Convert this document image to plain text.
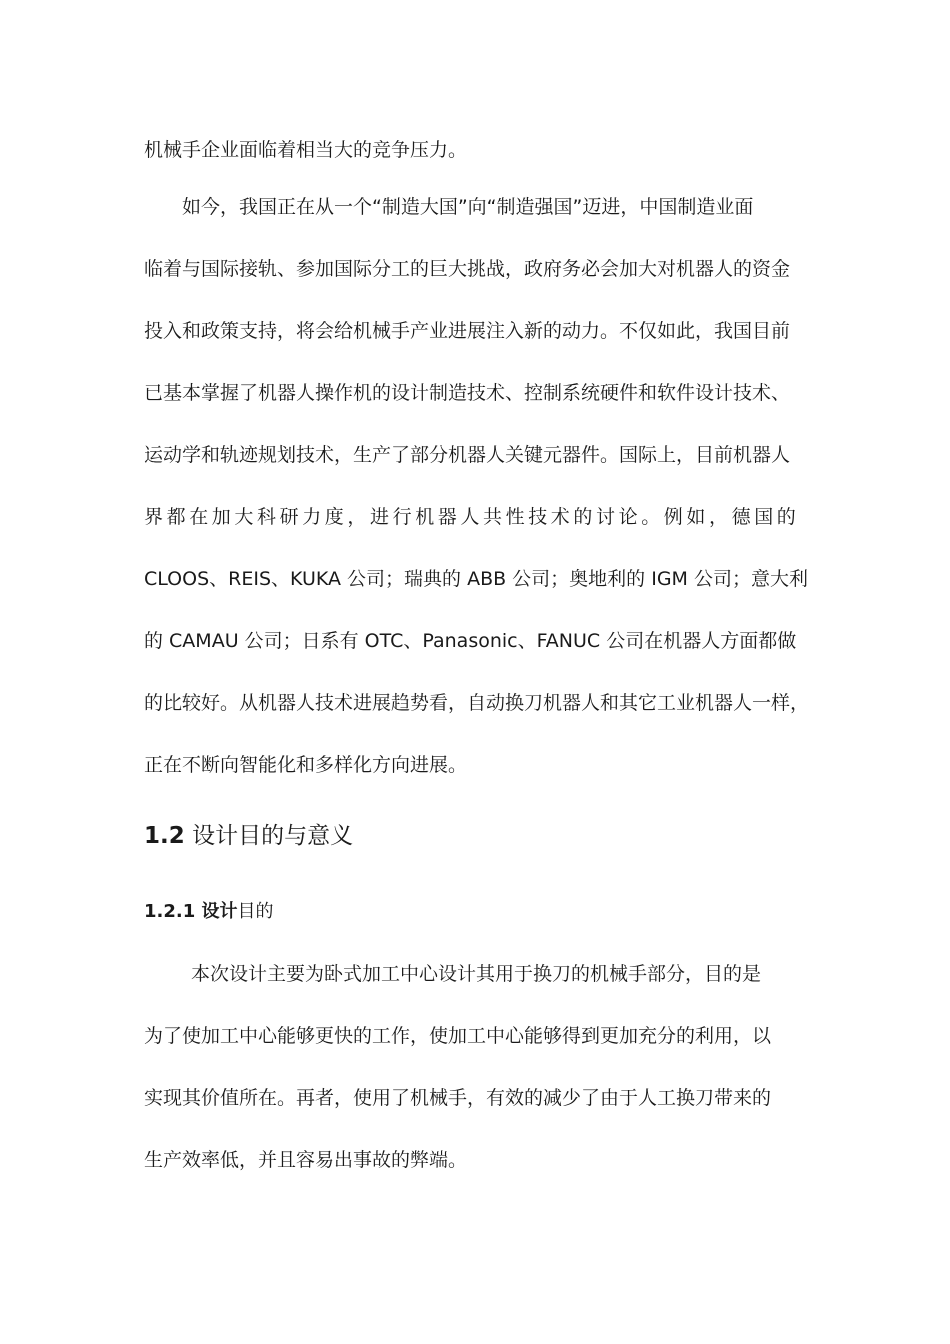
机械手企业面临着相当大的竞争压力。

如今，我国正在从一个“制造大国”向“制造强国”迈进，中国制造业面

临着与国际接轨、参加国际分工的巨大挑战，政府务必会加大对机器人的资金

投入和政策支持，将会给机械手产业进展注入新的动力。不仅如此，我国目前

已基本掌握了机器人操作机的设计制造技术、控制系统硬件和软件设计技术、

运动学和轨迹规划技术，生产了部分机器人关键元器件。国际上，目前机器人

界都在加大科研力度，进行机器人共性技术的讨论。例如，德国的

CLOOS、REIS、KUKA 公司；瑞典的 ABB 公司；奥地利的 IGM 公司；意大利

的 CAMAU 公司；日系有 OTC、Panasonic、FANUC 公司在机器人方面都做

的比较好。从机器人技术进展趋势看，自动换刀机器人和其它工业机器人一样，

正在不断向智能化和多样化方向进展。

1.2 设计目的与意义
1.2.1 设计目的

本次设计主要为卧式加工中心设计其用于换刀的机械手部分，目的是

为了使加工中心能够更快的工作，使加工中心能够得到更加充分的利用，以

实现其价值所在。再者，使用了机械手，有效的减少了由于人工换刀带来的

生产效率低，并且容易出事故的弊端。
